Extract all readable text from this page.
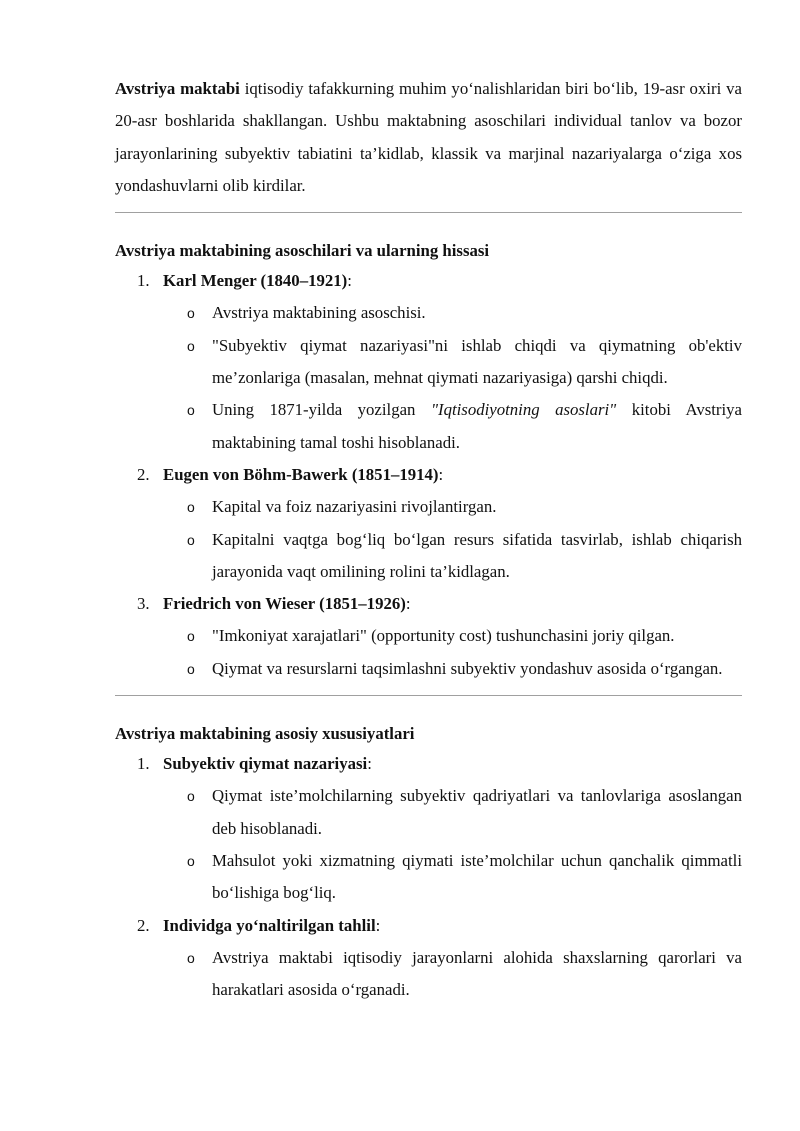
Avstriya maktabi iqtisodiy tafakkurning muhim yo‘nalishlaridan biri bo‘lib, 19-asr oxiri va 20-asr boshlarida shakllangan. Ushbu maktabning asoschilari individual tanlov va bozor jarayonlarining subyektiv tabiatini ta’kidlab, klassik va marjinal nazariyalarga o‘ziga xos yondashuvlarni olib kirdilar.

Avstriya maktabining asoschilari va ularning hissasi
1. Karl Menger (1840–1921):
o Avstriya maktabining asoschisi.
o "Subyektiv qiymat nazariyasi"ni ishlab chiqdi va qiymatning ob'ektiv me’zonlariga (masalan, mehnat qiymati nazariyasiga) qarshi chiqdi.
o Uning 1871-yilda yozilgan "Iqtisodiyotning asoslari" kitobi Avstriya maktabining tamal toshi hisoblanadi.
2. Eugen von Böhm-Bawerk (1851–1914):
o Kapital va foiz nazariyasini rivojlantirgan.
o Kapitalni vaqtga bog‘liq bo‘lgan resurs sifatida tasvirlab, ishlab chiqarish jarayonida vaqt omilining rolini ta’kidlagan.
3. Friedrich von Wieser (1851–1926):
o "Imkoniyat xarajatlari" (opportunity cost) tushunchasini joriy qilgan.
o Qiymat va resurslarni taqsimlashni subyektiv yondashuv asosida o‘rgangan.
Avstriya maktabining asosiy xususiyatlari
1. Subyektiv qiymat nazariyasi:
o Qiymat iste’molchilarning subyektiv qadriyatlari va tanlovlariga asoslangan deb hisoblanadi.
o Mahsulot yoki xizmatning qiymati iste’molchilar uchun qanchalik qimmatli bo‘lishiga bog‘liq.
2. Individga yo‘naltirilgan tahlil:
o Avstriya maktabi iqtisodiy jarayonlarni alohida shaxslarning qarorlari va harakatlari asosida o‘rganadi.
